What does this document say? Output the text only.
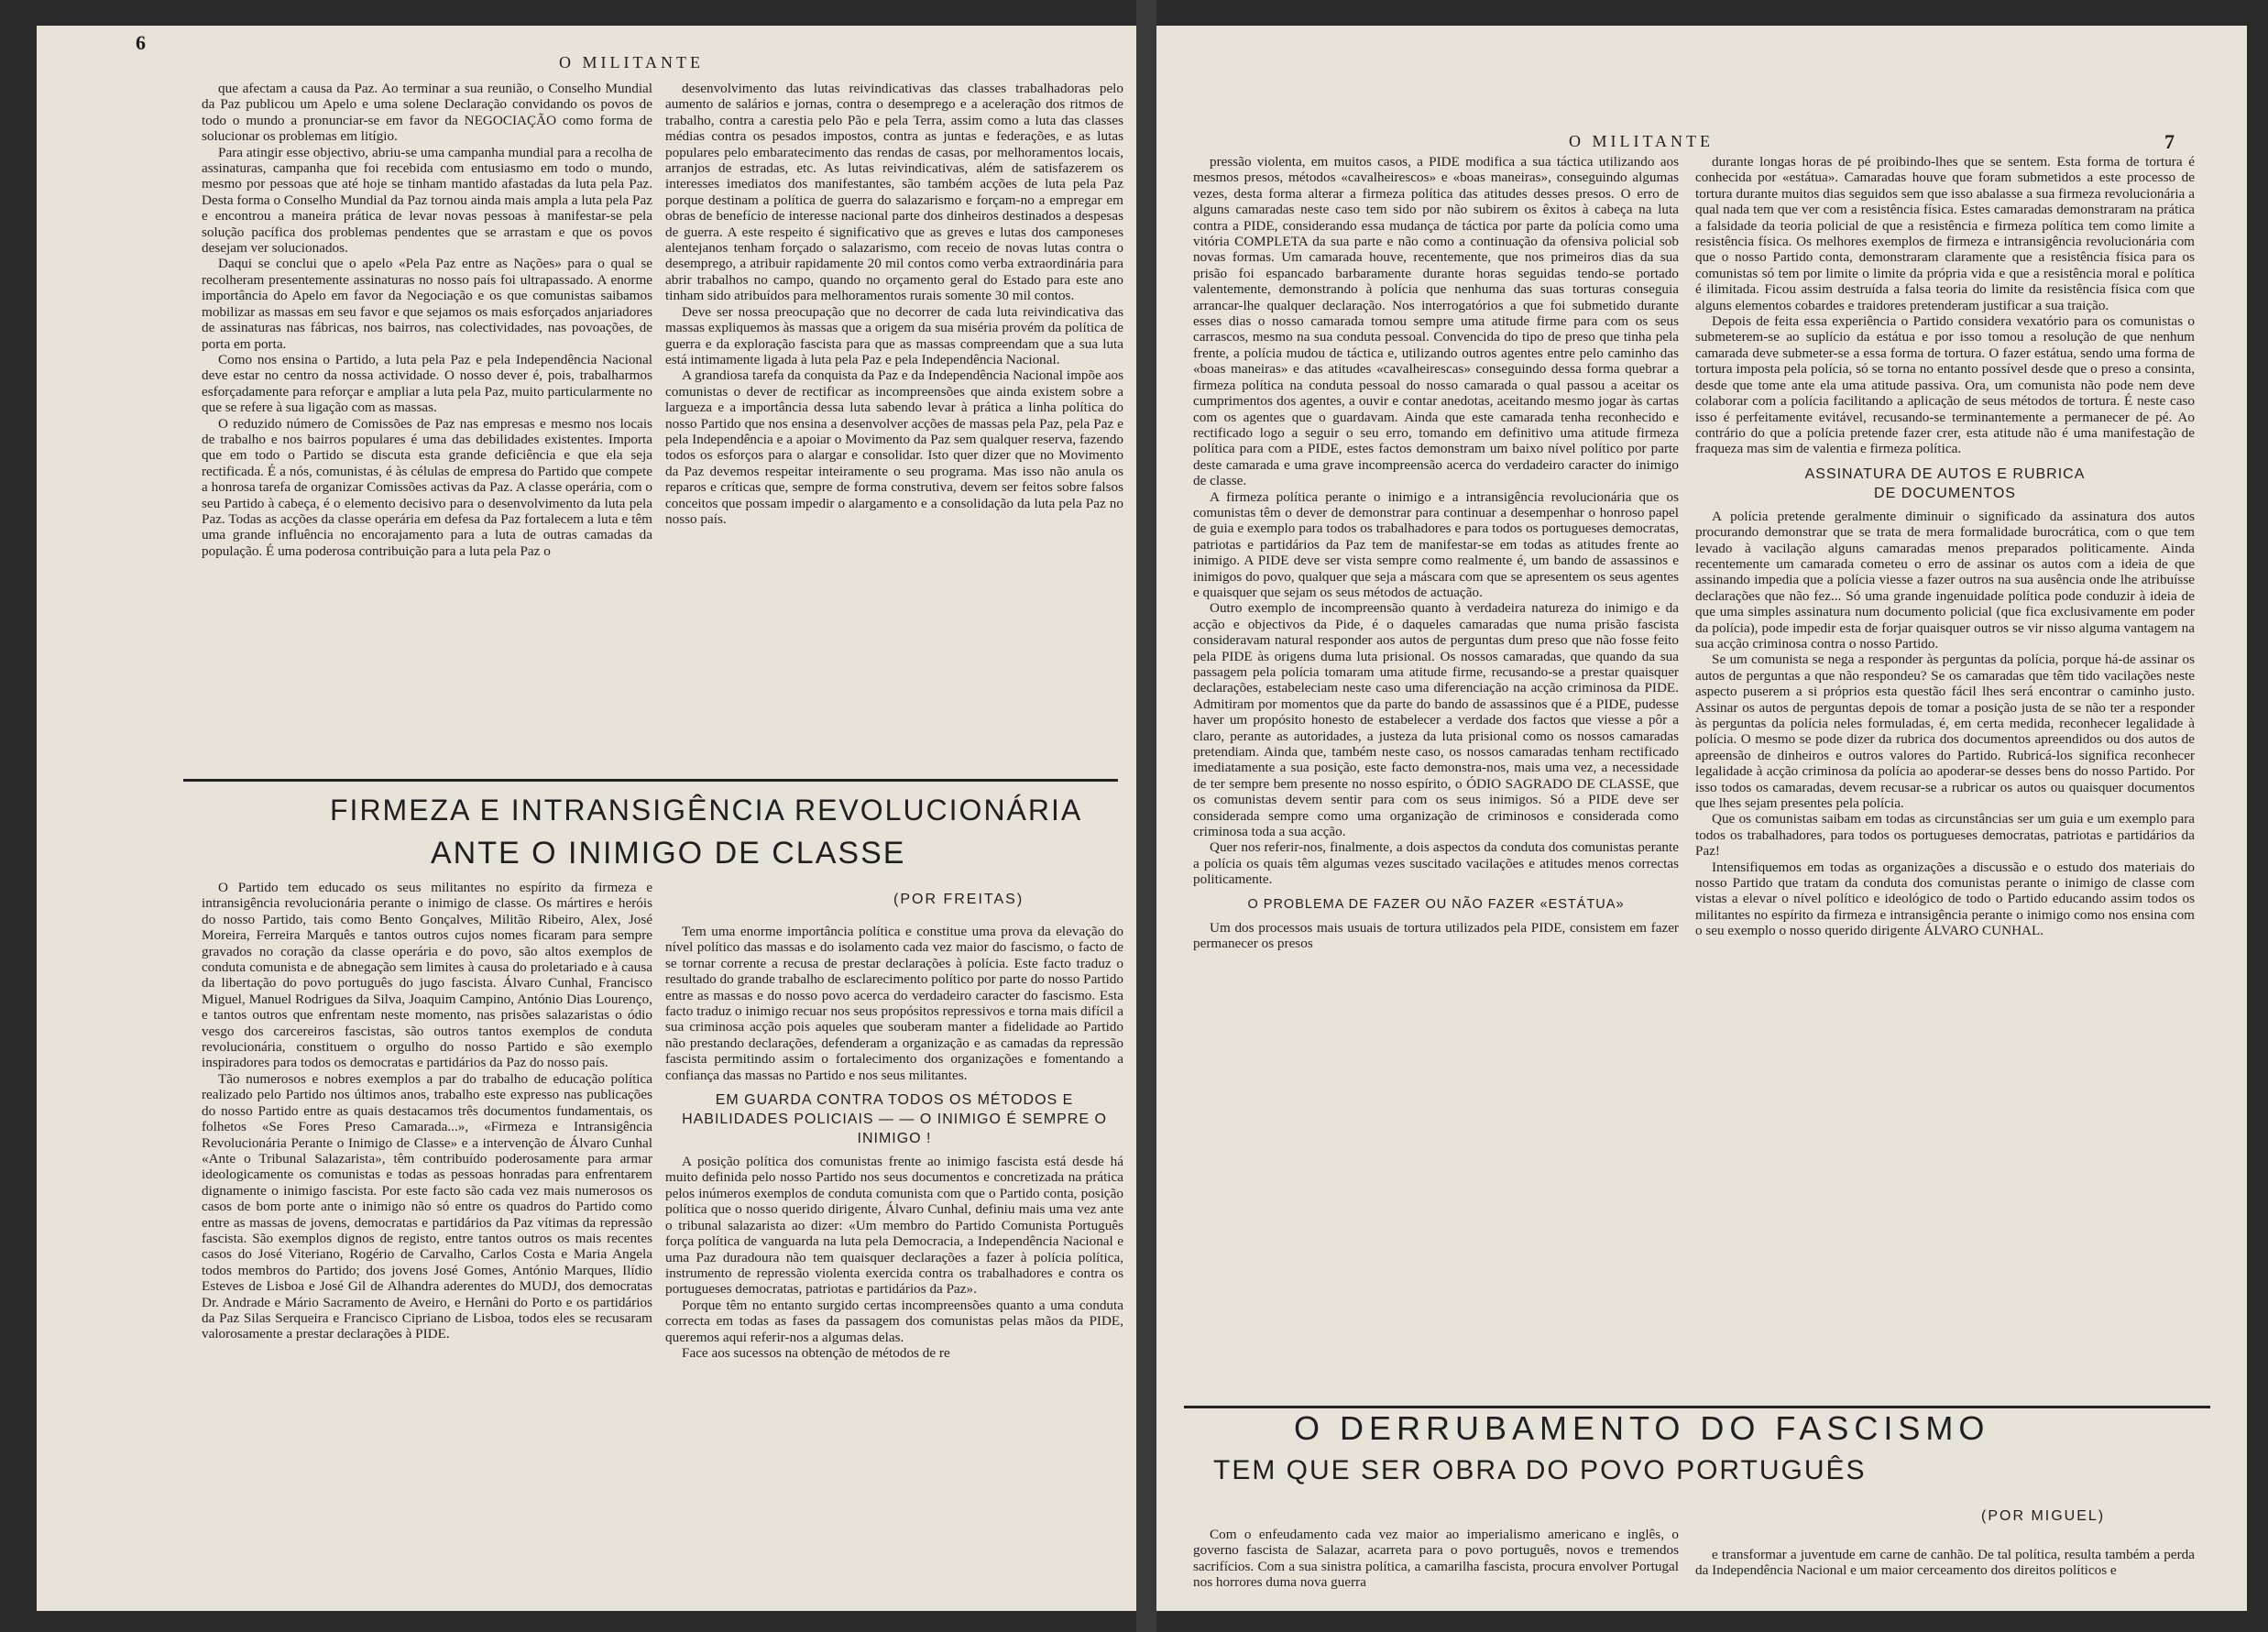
6
O MILITANTE

que afectam a causa da Paz. Ao terminar a sua reunião, o Conselho Mundial da Paz publicou um Apelo e uma solene Declaração convidando os povos de todo o mundo a pronunciar-se em favor da NEGOCIAÇÃO como forma de solucionar os problemas em litígio.

Para atingir esse objectivo, abriu-se uma campanha mundial para a recolha de assinaturas, campanha que foi recebida com entusiasmo em todo o mundo, mesmo por pessoas que até hoje se tinham mantido afastadas da luta pela Paz. Desta forma o Conselho Mundial da Paz tornou ainda mais ampla a luta pela Paz e encontrou a maneira prática de levar novas pessoas à manifestar-se pela solução pacífica dos problemas pendentes que se arrastam e que os povos desejam ver solucionados.

Daqui se conclui que o apelo «Pela Paz entre as Nações» para o qual se recolheram presentemente assinaturas no nosso país foi ultrapassado. A enorme importância do Apelo em favor da Negociação e os que comunistas saibamos mobilizar as massas em seu favor e que sejamos os mais esforçados anjariadores de assinaturas nas fábricas, nos bairros, nas colectividades, nas povoações, de porta em porta.

Como nos ensina o Partido, a luta pela Paz e pela Independência Nacional deve estar no centro da nossa actividade. O nosso dever é, pois, trabalharmos esforçadamente para reforçar e ampliar a luta pela Paz, muito particularmente no que se refere à sua ligação com as massas.

O reduzido número de Comissões de Paz nas empresas e mesmo nos locais de trabalho e nos bairros populares é uma das debilidades existentes. Importa que em todo o Partido se discuta esta grande deficiência e que ela seja rectificada. É a nós, comunistas, é às células de empresa do Partido que compete a honrosa tarefa de organizar Comissões activas da Paz. A classe operária, com o seu Partido à cabeça, é o elemento decisivo para o desenvolvimento da luta pela Paz. Todas as acções da classe operária em defesa da Paz fortalecem a luta e têm uma grande influência no encorajamento para a luta de outras camadas da população. É uma poderosa contribuição para a luta pela Paz o

desenvolvimento das lutas reivindicativas das classes trabalhadoras pelo aumento de salários e jornas, contra o desemprego e a aceleração dos ritmos de trabalho, contra a carestia pelo Pão e pela Terra, assim como a luta das classes médias contra os pesados impostos, contra as juntas e federações, e as lutas populares pelo embaratecimento das rendas de casas, por melhoramentos locais, arranjos de estradas, etc. As lutas reivindicativas, além de satisfazerem os interesses imediatos dos manifestantes, são também acções de luta pela Paz porque destinam a política de guerra do salazarismo e forçam-no a empregar em obras de benefício de interesse nacional parte dos dinheiros destinados a despesas de guerra. A este respeito é significativo que as greves e lutas dos camponeses alentejanos tenham forçado o salazarismo, com receio de novas lutas contra o desemprego, a atribuir rapidamente 20 mil contos como verba extraordinária para abrir trabalhos no campo, quando no orçamento geral do Estado para este ano tinham sido atribuídos para melhoramentos rurais somente 30 mil contos.

Deve ser nossa preocupação que no decorrer de cada luta reivindicativa das massas expliquemos às massas que a origem da sua miséria provém da política de guerra e da exploração fascista para que as massas compreendam que a sua luta está intimamente ligada à luta pela Paz e pela Independência Nacional.

A grandiosa tarefa da conquista da Paz e da Independência Nacional impõe aos comunistas o dever de rectificar as incompreensões que ainda existem sobre a largueza e a importância dessa luta sabendo levar à prática a linha política do nosso Partido que nos ensina a desenvolver acções de massas pela Paz, pela Paz e pela Independência e a apoiar o Movimento da Paz sem qualquer reserva, fazendo todos os esforços para o alargar e consolidar. Isto quer dizer que no Movimento da Paz devemos respeitar inteiramente o seu programa. Mas isso não anula os reparos e críticas que, sempre de forma construtiva, devem ser feitos sobre falsos conceitos que possam impedir o alargamento e a consolidação da luta pela Paz no nosso país.

FIRMEZA E INTRANSIGÊNCIA REVOLUCIONÁRIA
ANTE O INIMIGO DE CLASSE
(POR FREITAS)

O Partido tem educado os seus militantes no espírito da firmeza e intransigência revolucionária perante o inimigo de classe. Os mártires e heróis do nosso Partido, tais como Bento Gonçalves, Militão Ribeiro, Alex, José Moreira, Ferreira Marquês e tantos outros cujos nomes ficaram para sempre gravados no coração da classe operária e do povo, são altos exemplos de conduta comunista e de abnegação sem limites à causa do proletariado e à causa da libertação do povo português do jugo fascista. Álvaro Cunhal, Francisco Miguel, Manuel Rodrigues da Silva, Joaquim Campino, António Dias Lourenço, e tantos outros que enfrentam neste momento, nas prisões salazaristas o ódio vesgo dos carcereiros fascistas, são outros tantos exemplos de conduta revolucionária, constituem o orgulho do nosso Partido e são exemplo inspiradores para todos os democratas e partidários da Paz do nosso país.

Tão numerosos e nobres exemplos a par do trabalho de educação política realizado pelo Partido nos últimos anos, trabalho este expresso nas publicações do nosso Partido entre as quais destacamos três documentos fundamentais, os folhetos «Se Fores Preso Camarada...», «Firmeza e Intransigência Revolucionária Perante o Inimigo de Classe» e a intervenção de Álvaro Cunhal «Ante o Tribunal Salazarista», têm contribuído poderosamente para armar ideologicamente os comunistas e todas as pessoas honradas para enfrentarem dignamente o inimigo fascista. Por este facto são cada vez mais numerosos os casos de bom porte ante o inimigo não só entre os quadros do Partido como entre as massas de jovens, democratas e partidários da Paz vítimas da repressão fascista. São exemplos dignos de registo, entre tantos outros os mais recentes casos do José Viteriano, Rogério de Carvalho, Carlos Costa e Maria Angela todos membros do Partido; dos jovens José Gomes, António Marques, Ilídio Esteves de Lisboa e José Gil de Alhandra aderentes do MUDJ, dos democratas Dr. Andrade e Mário Sacramento de Aveiro, e Hernâni do Porto e os partidários da Paz Silas Serqueira e Francisco Cipriano de Lisboa, todos eles se recusaram valorosamente a prestar declarações à PIDE.

Tem uma enorme importância política e constitue uma prova da elevação do nível político das massas e do isolamento cada vez maior do fascismo, o facto de se tornar corrente a recusa de prestar declarações à polícia. Este facto traduz o resultado do grande trabalho de esclarecimento político por parte do nosso Partido entre as massas e do nosso povo acerca do verdadeiro caracter do fascismo. Esta facto traduz o inimigo recuar nos seus propósitos repressivos e torna mais difícil a sua criminosa acção pois aqueles que souberam manter a fidelidade ao Partido não prestando declarações, defenderam a organização e as camadas da repressão fascista permitindo assim o fortalecimento dos organizações e fomentando a confiança das massas no Partido e nos seus militantes.

EM GUARDA CONTRA TODOS OS MÉTODOS E HABILIDADES POLICIAIS — — O INIMIGO É SEMPRE O INIMIGO !

A posição política dos comunistas frente ao inimigo fascista está desde há muito definida pelo nosso Partido nos seus documentos e concretizada na prática pelos inúmeros exemplos de conduta comunista com que o Partido conta, posição política que o nosso querido dirigente, Álvaro Cunhal, definiu mais uma vez ante o tribunal salazarista ao dizer: «Um membro do Partido Comunista Português força política de vanguarda na luta pela Democracia, a Independência Nacional e uma Paz duradoura não tem quaisquer declarações a fazer à polícia política, instrumento de repressão violenta exercida contra os trabalhadores e contra os portugueses democratas, patriotas e partidários da Paz».

Porque têm no entanto surgido certas incompreensões quanto a uma conduta correcta em todas as fases da passagem dos comunistas pelas mãos da PIDE, queremos aqui referir-nos a algumas delas.

Face aos sucessos na obtenção de métodos de re

O MILITANTE	7

pressão violenta, em muitos casos, a PIDE modifica a sua táctica utilizando aos mesmos presos, métodos «cavalheirescos» e «boas maneiras», conseguindo algumas vezes, desta forma alterar a firmeza política das atitudes desses presos. O erro de alguns camaradas neste caso tem sido por não subirem os êxitos à cabeça na luta contra a PIDE, considerando essa mudança de táctica por parte da polícia como uma vitória COMPLETA da sua parte e não como a continuação da ofensiva policial sob novas formas. Um camarada houve, recentemente, que nos primeiros dias da sua prisão foi espancado barbaramente durante horas seguidas tendo-se portado valentemente, demonstrando à polícia que nenhuma das suas torturas conseguia arrancar-lhe qualquer declaração. Nos interrogatórios a que foi submetido durante esses dias o nosso camarada tomou sempre uma atitude firme para com os seus carrascos, mesmo na sua conduta pessoal. Convencida do tipo de preso que tinha pela frente, a polícia mudou de táctica e, utilizando outros agentes entre pelo caminho das «boas maneiras» e das atitudes «cavalheirescas» conseguindo dessa forma quebrar a firmeza política na conduta pessoal do nosso camarada o qual passou a aceitar os cumprimentos dos agentes, a ouvir e contar anedotas, aceitando mesmo jogar às cartas com os agentes que o guardavam. Ainda que este camarada tenha reconhecido e rectificado logo a seguir o seu erro, tomando em definitivo uma atitude firmeza política para com a PIDE, estes factos demonstram um baixo nível político por parte deste camarada e uma grave incompreensão acerca do verdadeiro caracter do inimigo de classe.

A firmeza política perante o inimigo e a intransigência revolucionária que os comunistas têm o dever de demonstrar para continuar a desempenhar o honroso papel de guia e exemplo para todos os trabalhadores e para todos os portugueses democratas, patriotas e partidários da Paz tem de manifestar-se em todas as atitudes frente ao inimigo. A PIDE deve ser vista sempre como realmente é, um bando de assassinos e inimigos do povo, qualquer que seja a máscara com que se apresentem os seus agentes e quaisquer que sejam os seus métodos de actuação.

Outro exemplo de incompreensão quanto à verdadeira natureza do inimigo e da acção e objectivos da Pide, é o daqueles camaradas que numa prisão fascista consideravam natural responder aos autos de perguntas dum preso que não fosse feito pela PIDE às origens duma luta prisional. Os nossos camaradas, que quando da sua passagem pela polícia tomaram uma atitude firme, recusando-se a prestar quaisquer declarações, estabeleciam neste caso uma diferenciação na acção criminosa da PIDE. Admitiram por momentos que da parte do bando de assassinos que é a PIDE, pudesse haver um propósito honesto de estabelecer a verdade dos factos que viesse a pôr a claro, perante as autoridades, a justeza da luta prisional como os nossos camaradas pretendiam. Ainda que, também neste caso, os nossos camaradas tenham rectificado imediatamente a sua posição, este facto demonstra-nos, mais uma vez, a necessidade de ter sempre bem presente no nosso espírito, o ÓDIO SAGRADO DE CLASSE, que os comunistas devem sentir para com os seus inimigos. Só a PIDE deve ser considerada sempre como uma organização de criminosos e considerada como criminosa toda a sua acção.

Quer nos referir-nos, finalmente, a dois aspectos da conduta dos comunistas perante a polícia os quais têm algumas vezes suscitado vacilações e atitudes menos correctas politicamente.

O PROBLEMA DE FAZER OU NÃO FAZER «ESTÁTUA»

Um dos processos mais usuais de tortura utilizados pela PIDE, consistem em fazer permanecer os presos

durante longas horas de pé proibindo-lhes que se sentem. Esta forma de tortura é conhecida por «estátua». Camaradas houve que foram submetidos a este processo de tortura durante muitos dias seguidos sem que isso abalasse a sua firmeza revolucionária a qual nada tem que ver com a resistência física. Estes camaradas demonstraram na prática a falsidade da teoria policial de que a resistência e firmeza política tem como limite a resistência física. Os melhores exemplos de firmeza e intransigência revolucionária com que o nosso Partido conta, demonstraram claramente que a resistência física para os comunistas só tem por limite o limite da própria vida e que a resistência moral e política é ilimitada. Ficou assim destruída a falsa teoria do limite da resistência física com que alguns elementos cobardes e traidores pretenderam justificar a sua traição.

Depois de feita essa experiência o Partido considera vexatório para os comunistas o submeterem-se ao suplício da estátua e por isso tomou a resolução de que nenhum camarada deve submeter-se a essa forma de tortura. O fazer estátua, sendo uma forma de tortura imposta pela polícia, só se torna no entanto possível desde que o preso a consinta, desde que tome ante ela uma atitude passiva. Ora, um comunista não pode nem deve colaborar com a polícia facilitando a aplicação de seus métodos de tortura. É neste caso isso é perfeitamente evitável, recusando-se terminantemente a permanecer de pé. Ao contrário do que a polícia pretende fazer crer, esta atitude não é uma manifestação de fraqueza mas sim de valentia e firmeza política.

ASSINATURA DE AUTOS E RUBRICA
DE DOCUMENTOS

A polícia pretende geralmente diminuir o significado da assinatura dos autos procurando demonstrar que se trata de mera formalidade burocrática, com o que tem levado à vacilação alguns camaradas menos preparados politicamente. Ainda recentemente um camarada cometeu o erro de assinar os autos com a ideia de que assinando impedia que a polícia viesse a fazer outros na sua ausência onde lhe atribuísse declarações que não fez... Só uma grande ingenuidade política pode conduzir à ideia de que uma simples assinatura num documento policial (que fica exclusivamente em poder da polícia), pode impedir esta de forjar quaisquer outros se vir nisso alguma vantagem na sua acção criminosa contra o nosso Partido.

Se um comunista se nega a responder às perguntas da polícia, porque há-de assinar os autos de perguntas a que não respondeu? Se os camaradas que têm tido vacilações neste aspecto puserem a si próprios esta questão fácil lhes será encontrar o caminho justo. Assinar os autos de perguntas depois de tomar a posição justa de se não ter a responder às perguntas da polícia neles formuladas, é, em certa medida, reconhecer legalidade à polícia. O mesmo se pode dizer da rubrica dos documentos apreendidos ou dos autos de apreensão de dinheiros e outros valores do Partido. Rubricá-los significa reconhecer legalidade à acção criminosa da polícia ao apoderar-se desses bens do nosso Partido. Por isso todos os camaradas, devem recusar-se a rubricar os autos ou quaisquer documentos que lhes sejam presentes pela polícia.

Que os comunistas saibam em todas as circunstâncias ser um guia e um exemplo para todos os trabalhadores, para todos os portugueses democratas, patriotas e partidários da Paz!

Intensifiquemos em todas as organizações a discussão e o estudo dos materiais do nosso Partido que tratam da conduta dos comunistas perante o inimigo de classe com vistas a elevar o nível político e ideológico de todo o Partido educando assim todos os militantes no espírito da firmeza e intransigência perante o inimigo como nos ensina com o seu exemplo o nosso querido dirigente ÁLVARO CUNHAL.

O DERRUBAMENTO DO FASCISMO
TEM QUE SER OBRA DO POVO PORTUGUÊS
(POR MIGUEL)

Com o enfeudamento cada vez maior ao imperialismo americano e inglês, o governo fascista de Salazar, acarreta para o povo português, novos e tremendos sacrifícios. Com a sua sinistra política, a camarilha fascista, procura envolver Portugal nos horrores duma nova guerra

e transformar a juventude em carne de canhão. De tal política, resulta também a perda da Independência Nacional e um maior cerceamento dos direitos políticos e
